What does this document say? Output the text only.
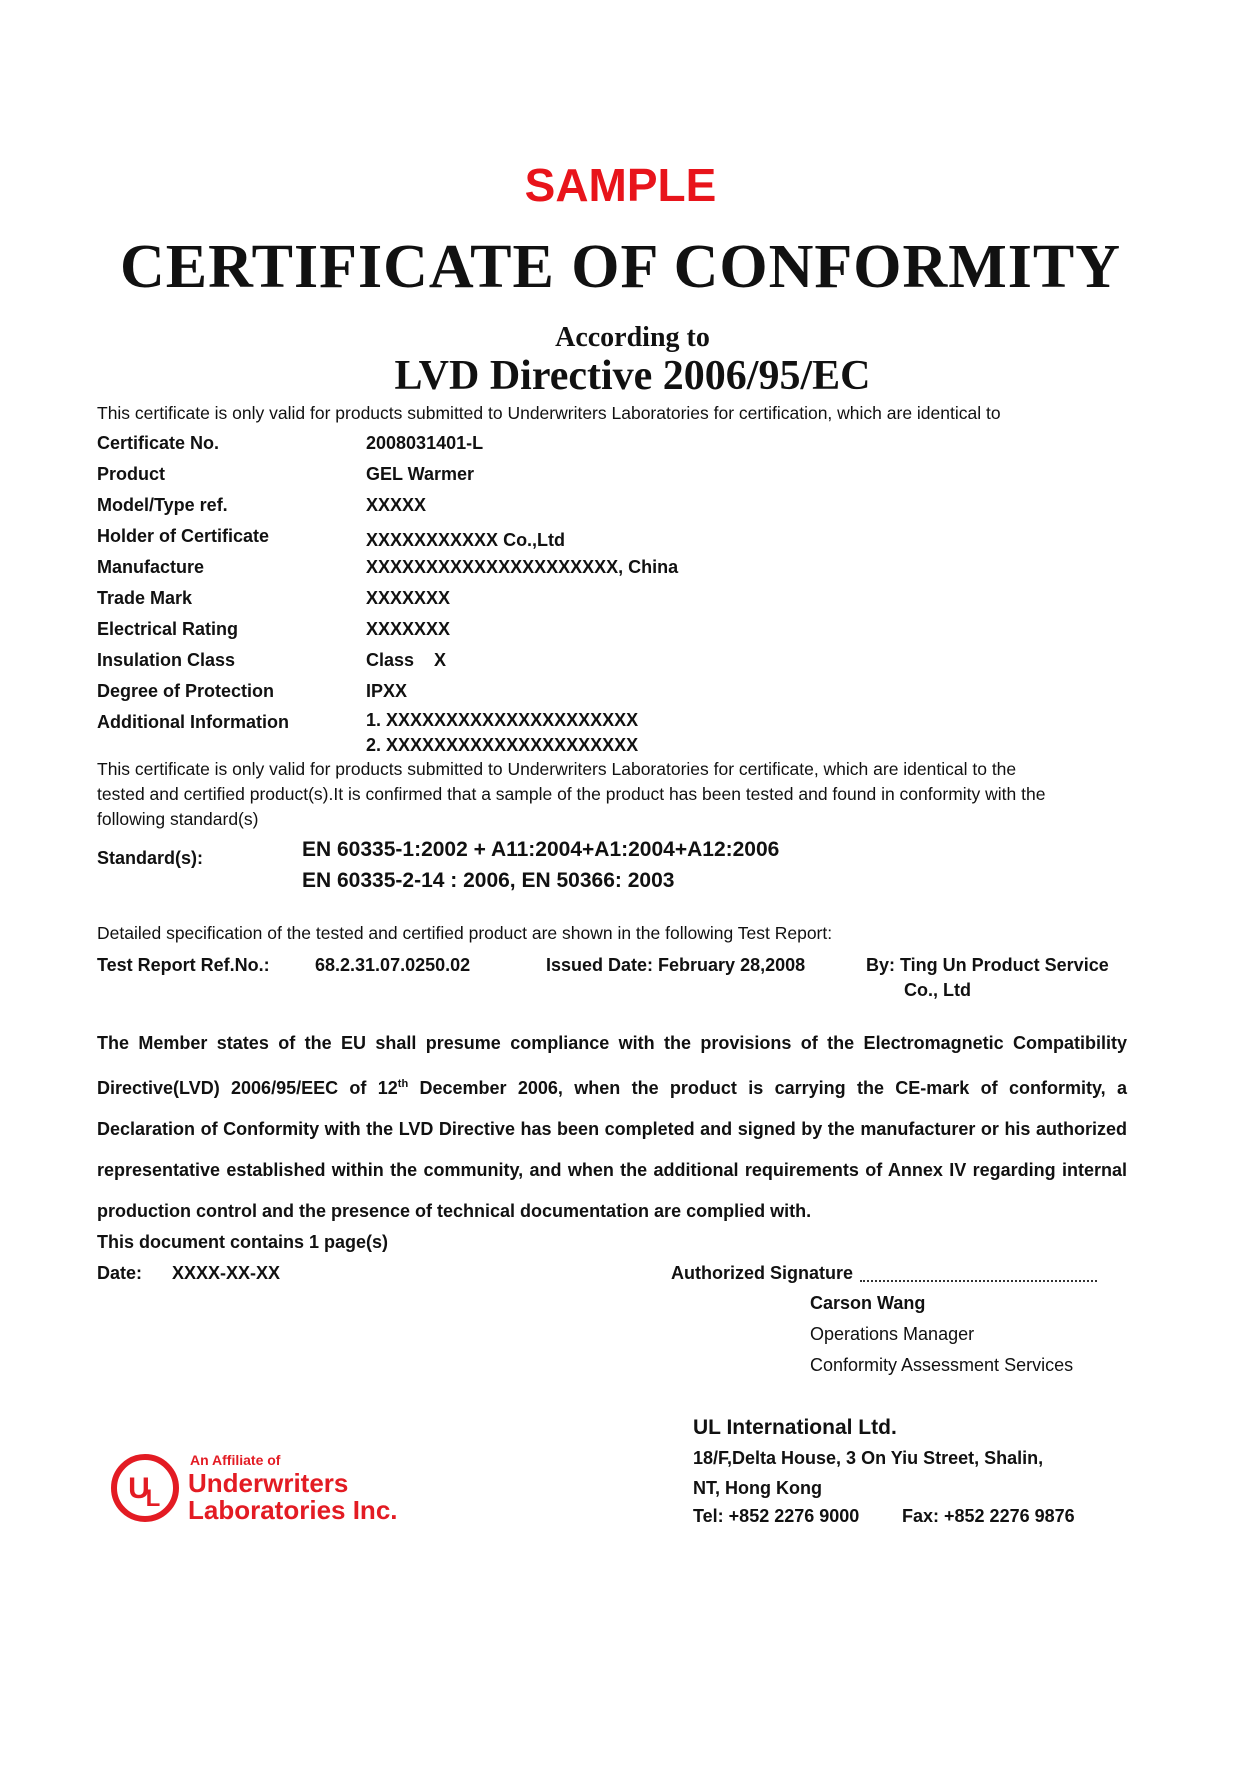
SAMPLE
CERTIFICATE OF CONFORMITY
According to
LVD Directive 2006/95/EC
This certificate is only valid for products submitted to Underwriters Laboratories for certification, which are identical to
Certificate No.	2008031401-L
Product	GEL Warmer
Model/Type ref.	XXXXX
Holder of Certificate	XXXXXXXXXXX Co.,Ltd
Manufacture	XXXXXXXXXXXXXXXXXXXXX, China
Trade Mark	XXXXXXX
Electrical Rating	XXXXXXX
Insulation Class	Class    X
Degree of Protection	IPXX
Additional Information	1. XXXXXXXXXXXXXXXXXXXXX
2. XXXXXXXXXXXXXXXXXXXXX
This certificate is only valid for products submitted to Underwriters Laboratories for certificate, which are identical to the
tested and certified product(s).It is confirmed that a sample of the product has been tested and found in conformity with the
following standard(s)
Standard(s):	EN 60335-1:2002 + A11:2004+A1:2004+A12:2006
EN 60335-2-14 : 2006, EN 50366: 2003
Detailed specification of the tested and certified product are shown in the following Test Report:
Test Report Ref.No.:	68.2.31.07.0250.02	Issued Date: February 28,2008	By: Ting Un Product Service
Co., Ltd
The Member states of the EU shall presume compliance with the provisions of the Electromagnetic Compatibility Directive(LVD) 2006/95/EEC of 12th December 2006, when the product is carrying the CE-mark of conformity, a Declaration of Conformity with the LVD Directive has been completed and signed by the manufacturer or his authorized representative established within the community, and when the additional requirements of Annex IV regarding internal production control and the presence of technical documentation are complied with.
This document contains 1 page(s)
Date: XXXX-XX-XX	Authorized Signature
Carson Wang
Operations Manager
Conformity Assessment Services
U
L
An Affiliate of
Underwriters
Laboratories Inc.
UL International Ltd.
18/F,Delta House, 3 On Yiu Street, Shalin,
NT, Hong Kong
Tel: +852 2276 9000 Fax: +852 2276 9876
